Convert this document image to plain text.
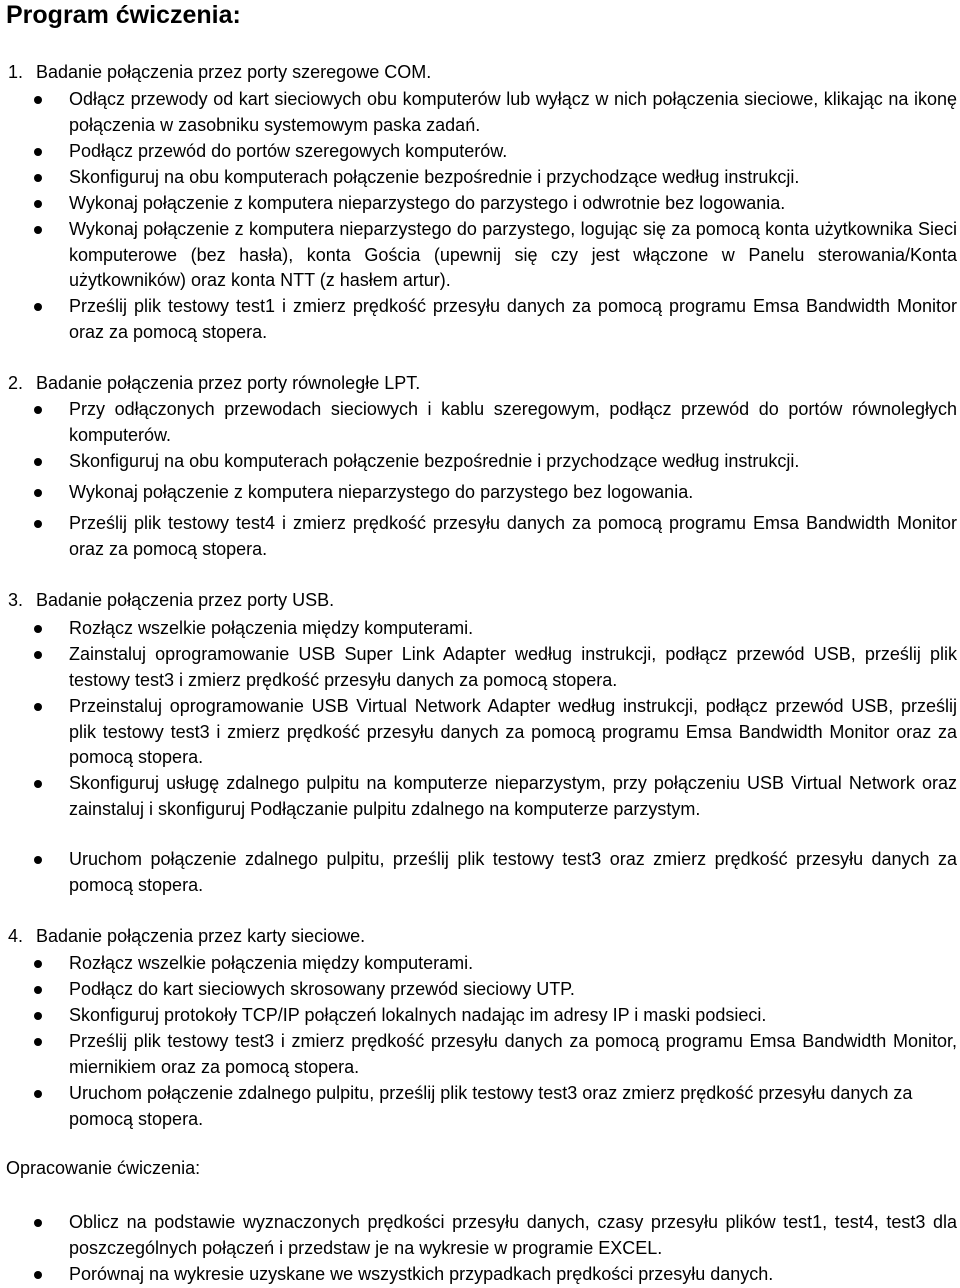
Program ćwiczenia:
1. Badanie połączenia przez porty szeregowe COM.
Odłącz przewody od kart sieciowych obu komputerów lub wyłącz w nich połączenia sieciowe, klikając na ikonę połączenia w zasobniku systemowym paska zadań.
Podłącz przewód do portów szeregowych komputerów.
Skonfiguruj na obu komputerach połączenie bezpośrednie i przychodzące według instrukcji.
Wykonaj połączenie z komputera nieparzystego do parzystego i odwrotnie bez logowania.
Wykonaj połączenie z komputera nieparzystego do parzystego, logując się za pomocą konta użytkownika Sieci komputerowe (bez hasła), konta Gościa (upewnij się czy jest włączone w Panelu sterowania/Konta użytkowników) oraz konta NTT (z hasłem artur).
Prześlij plik testowy test1 i zmierz prędkość przesyłu danych za pomocą programu Emsa Bandwidth Monitor oraz za pomocą stopera.
2. Badanie połączenia przez porty równoległe LPT.
Przy odłączonych przewodach sieciowych i kablu szeregowym, podłącz przewód do portów równoległych komputerów.
Skonfiguruj na obu komputerach połączenie bezpośrednie i przychodzące według instrukcji.
Wykonaj połączenie z komputera nieparzystego do parzystego bez logowania.
Prześlij plik testowy test4 i zmierz prędkość przesyłu danych za pomocą programu Emsa Bandwidth Monitor oraz za pomocą stopera.
3. Badanie połączenia przez porty USB.
Rozłącz wszelkie połączenia między komputerami.
Zainstaluj oprogramowanie USB Super Link Adapter według instrukcji, podłącz przewód USB, prześlij plik testowy test3 i zmierz prędkość przesyłu danych za pomocą stopera.
Przeinstaluj oprogramowanie USB Virtual Network Adapter według instrukcji, podłącz przewód USB, prześlij plik testowy test3 i zmierz prędkość przesyłu danych za pomocą programu Emsa Bandwidth Monitor oraz za pomocą stopera.
Skonfiguruj usługę zdalnego pulpitu na komputerze nieparzystym, przy połączeniu USB Virtual Network oraz zainstaluj i skonfiguruj Podłączanie pulpitu zdalnego na komputerze parzystym.
Uruchom połączenie zdalnego pulpitu, prześlij plik testowy test3 oraz zmierz prędkość przesyłu danych za pomocą stopera.
4. Badanie połączenia przez karty sieciowe.
Rozłącz wszelkie połączenia między komputerami.
Podłącz do kart sieciowych skrosowany przewód sieciowy UTP.
Skonfiguruj protokoły TCP/IP połączeń lokalnych nadając im adresy IP i maski podsieci.
Prześlij plik testowy test3 i zmierz prędkość przesyłu danych za pomocą programu Emsa Bandwidth Monitor, miernikiem oraz za pomocą stopera.
Uruchom połączenie zdalnego pulpitu, prześlij plik testowy test3 oraz zmierz prędkość przesyłu danych za pomocą stopera.
Opracowanie ćwiczenia:
Oblicz na podstawie wyznaczonych prędkości przesyłu danych, czasy przesyłu plików test1, test4, test3 dla poszczególnych połączeń i przedstaw je na wykresie w programie EXCEL.
Porównaj na wykresie uzyskane we wszystkich przypadkach prędkości przesyłu danych.
